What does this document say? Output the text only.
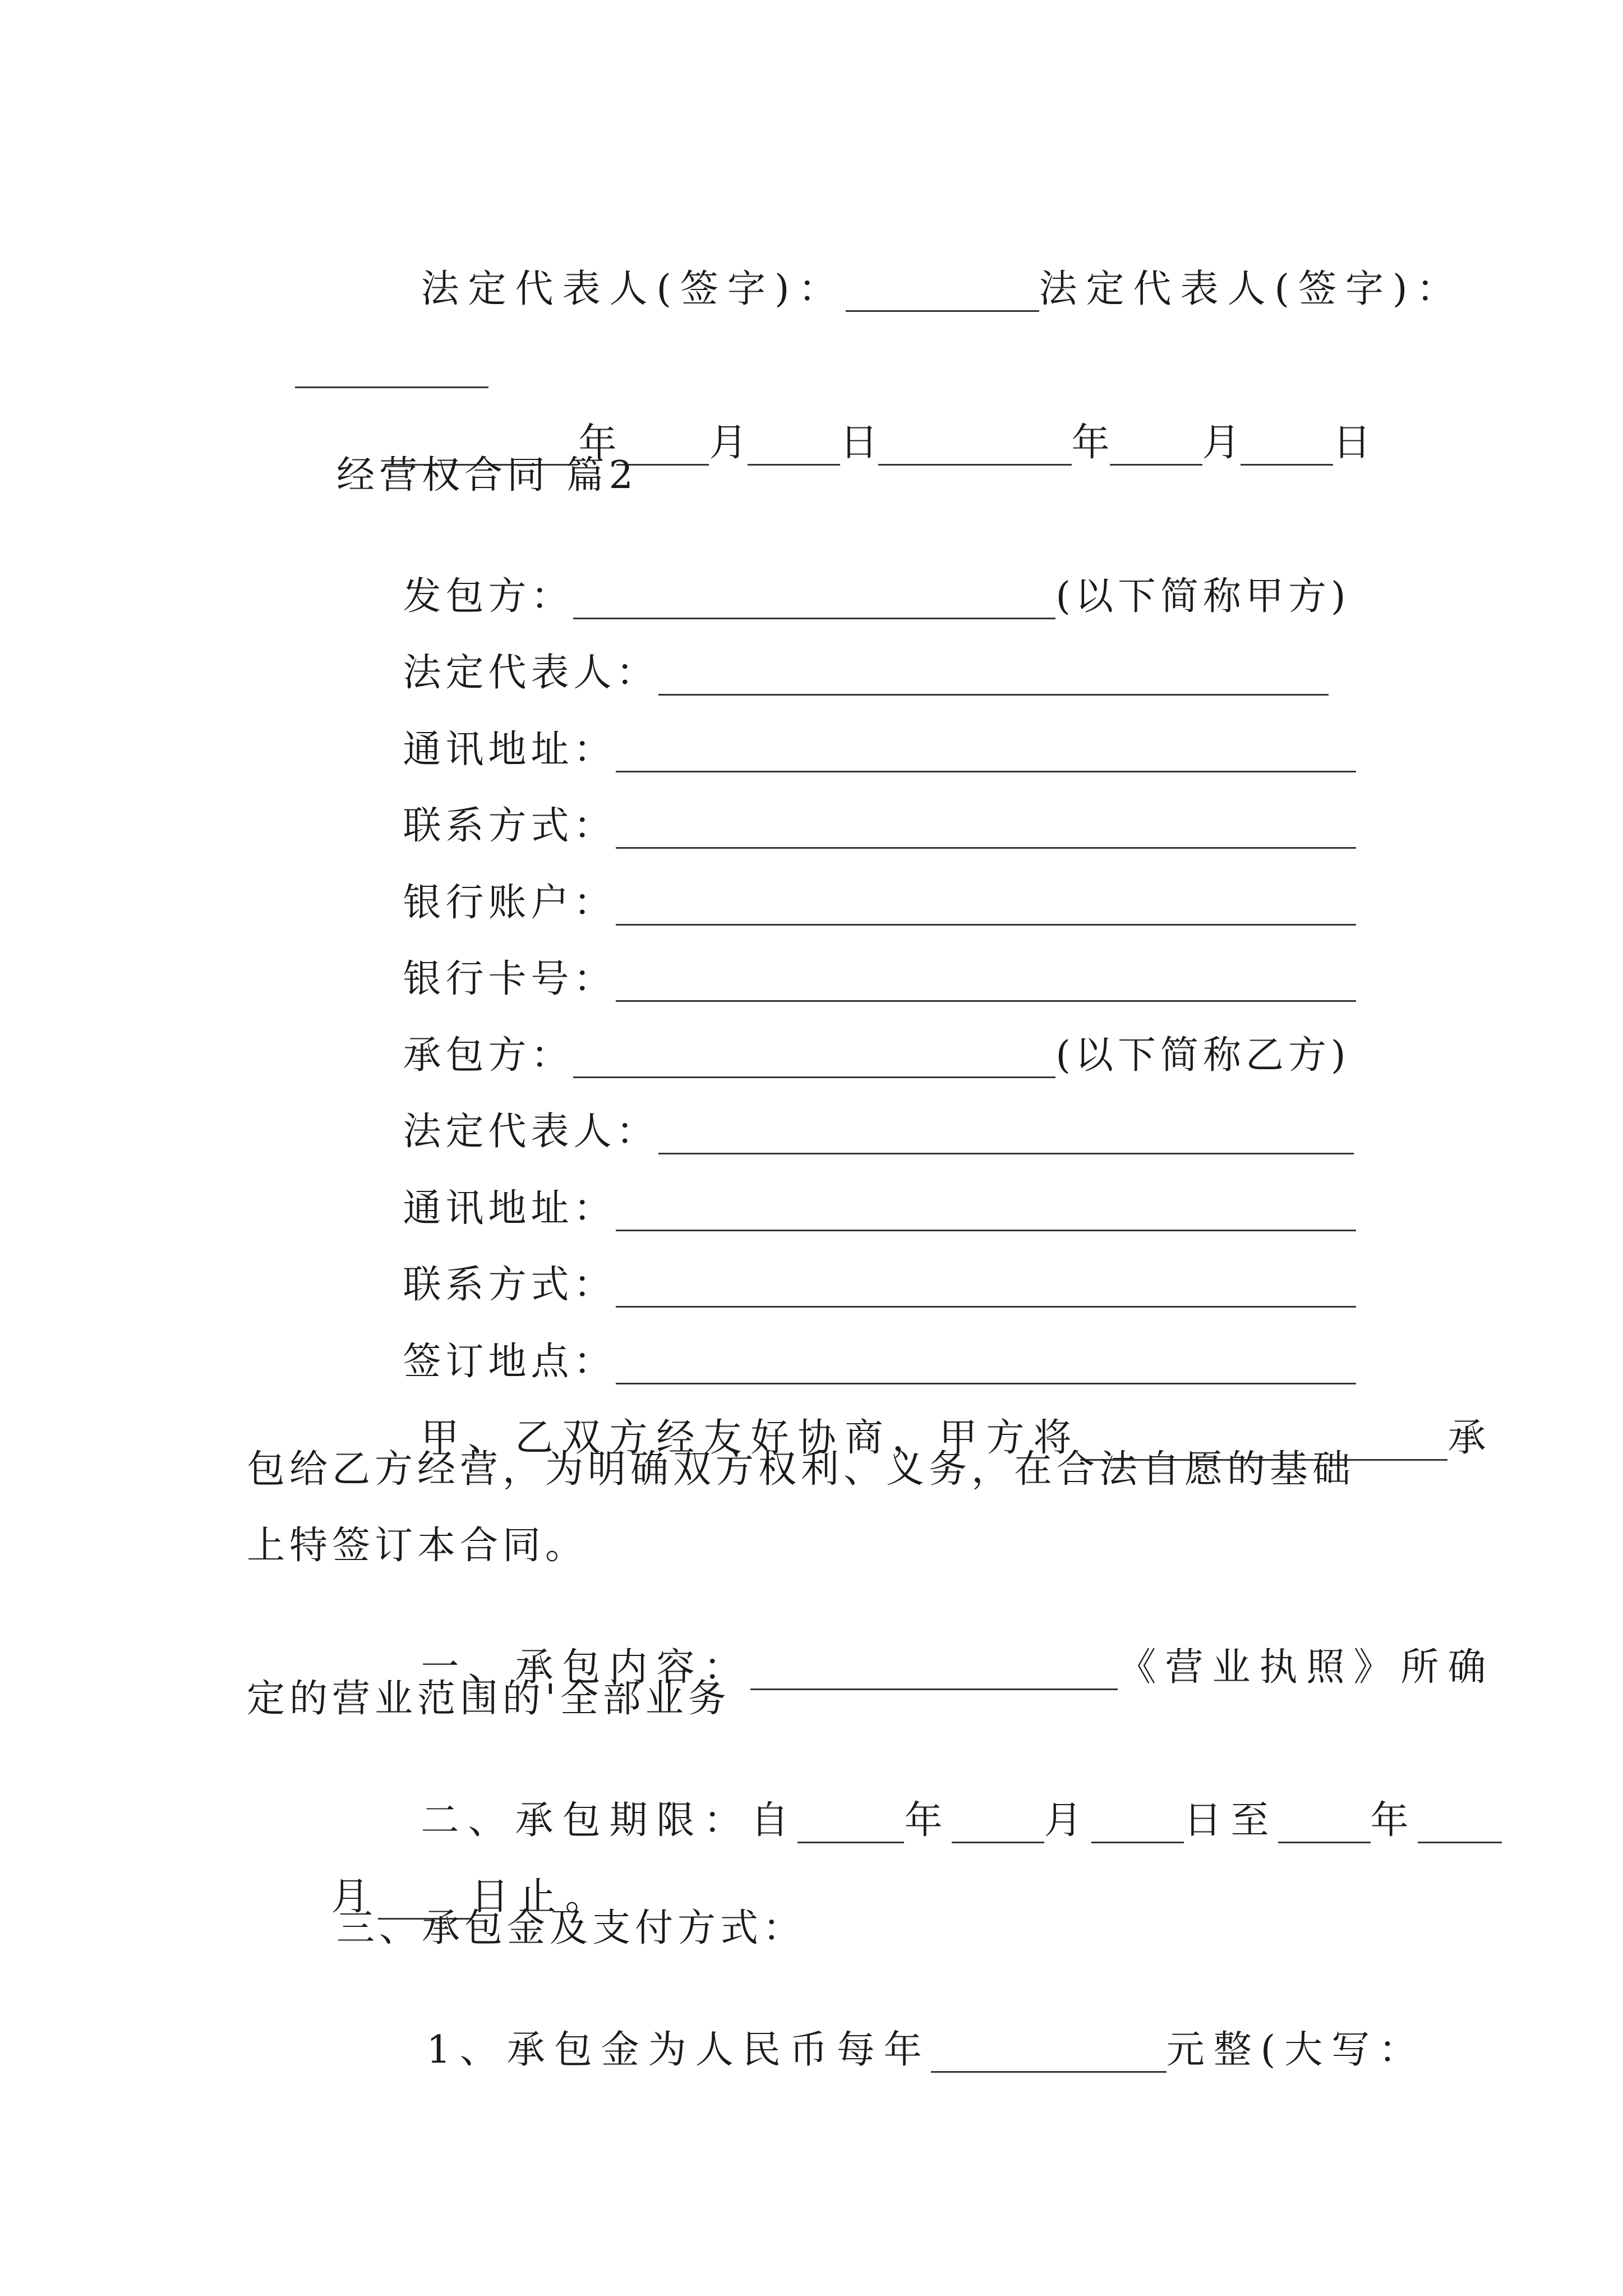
法定代表人(签字)：	法定代表人(签字)：

年 月 日	年 月 日

经营权合同 篇2

发包方：	(以下简称甲方)

法定代表人：

通讯地址：

联系方式：

银行账户：

银行卡号：

承包方：	(以下简称乙方)

法定代表人：

通讯地址：

联系方式：

签订地点：

甲、乙双方经友好协商，甲方将	承

包给乙方经营，为明确双方权利、义务，在合法自愿的基础
上特签订本合同。

一、承包内容：	《营业执照》所确

定的营业范围的'全部业务

二、承包期限：自	年 月 日至 年

月 日止。

三、承包金及支付方式：

1、承包金为人民币每年	元整(大写：
